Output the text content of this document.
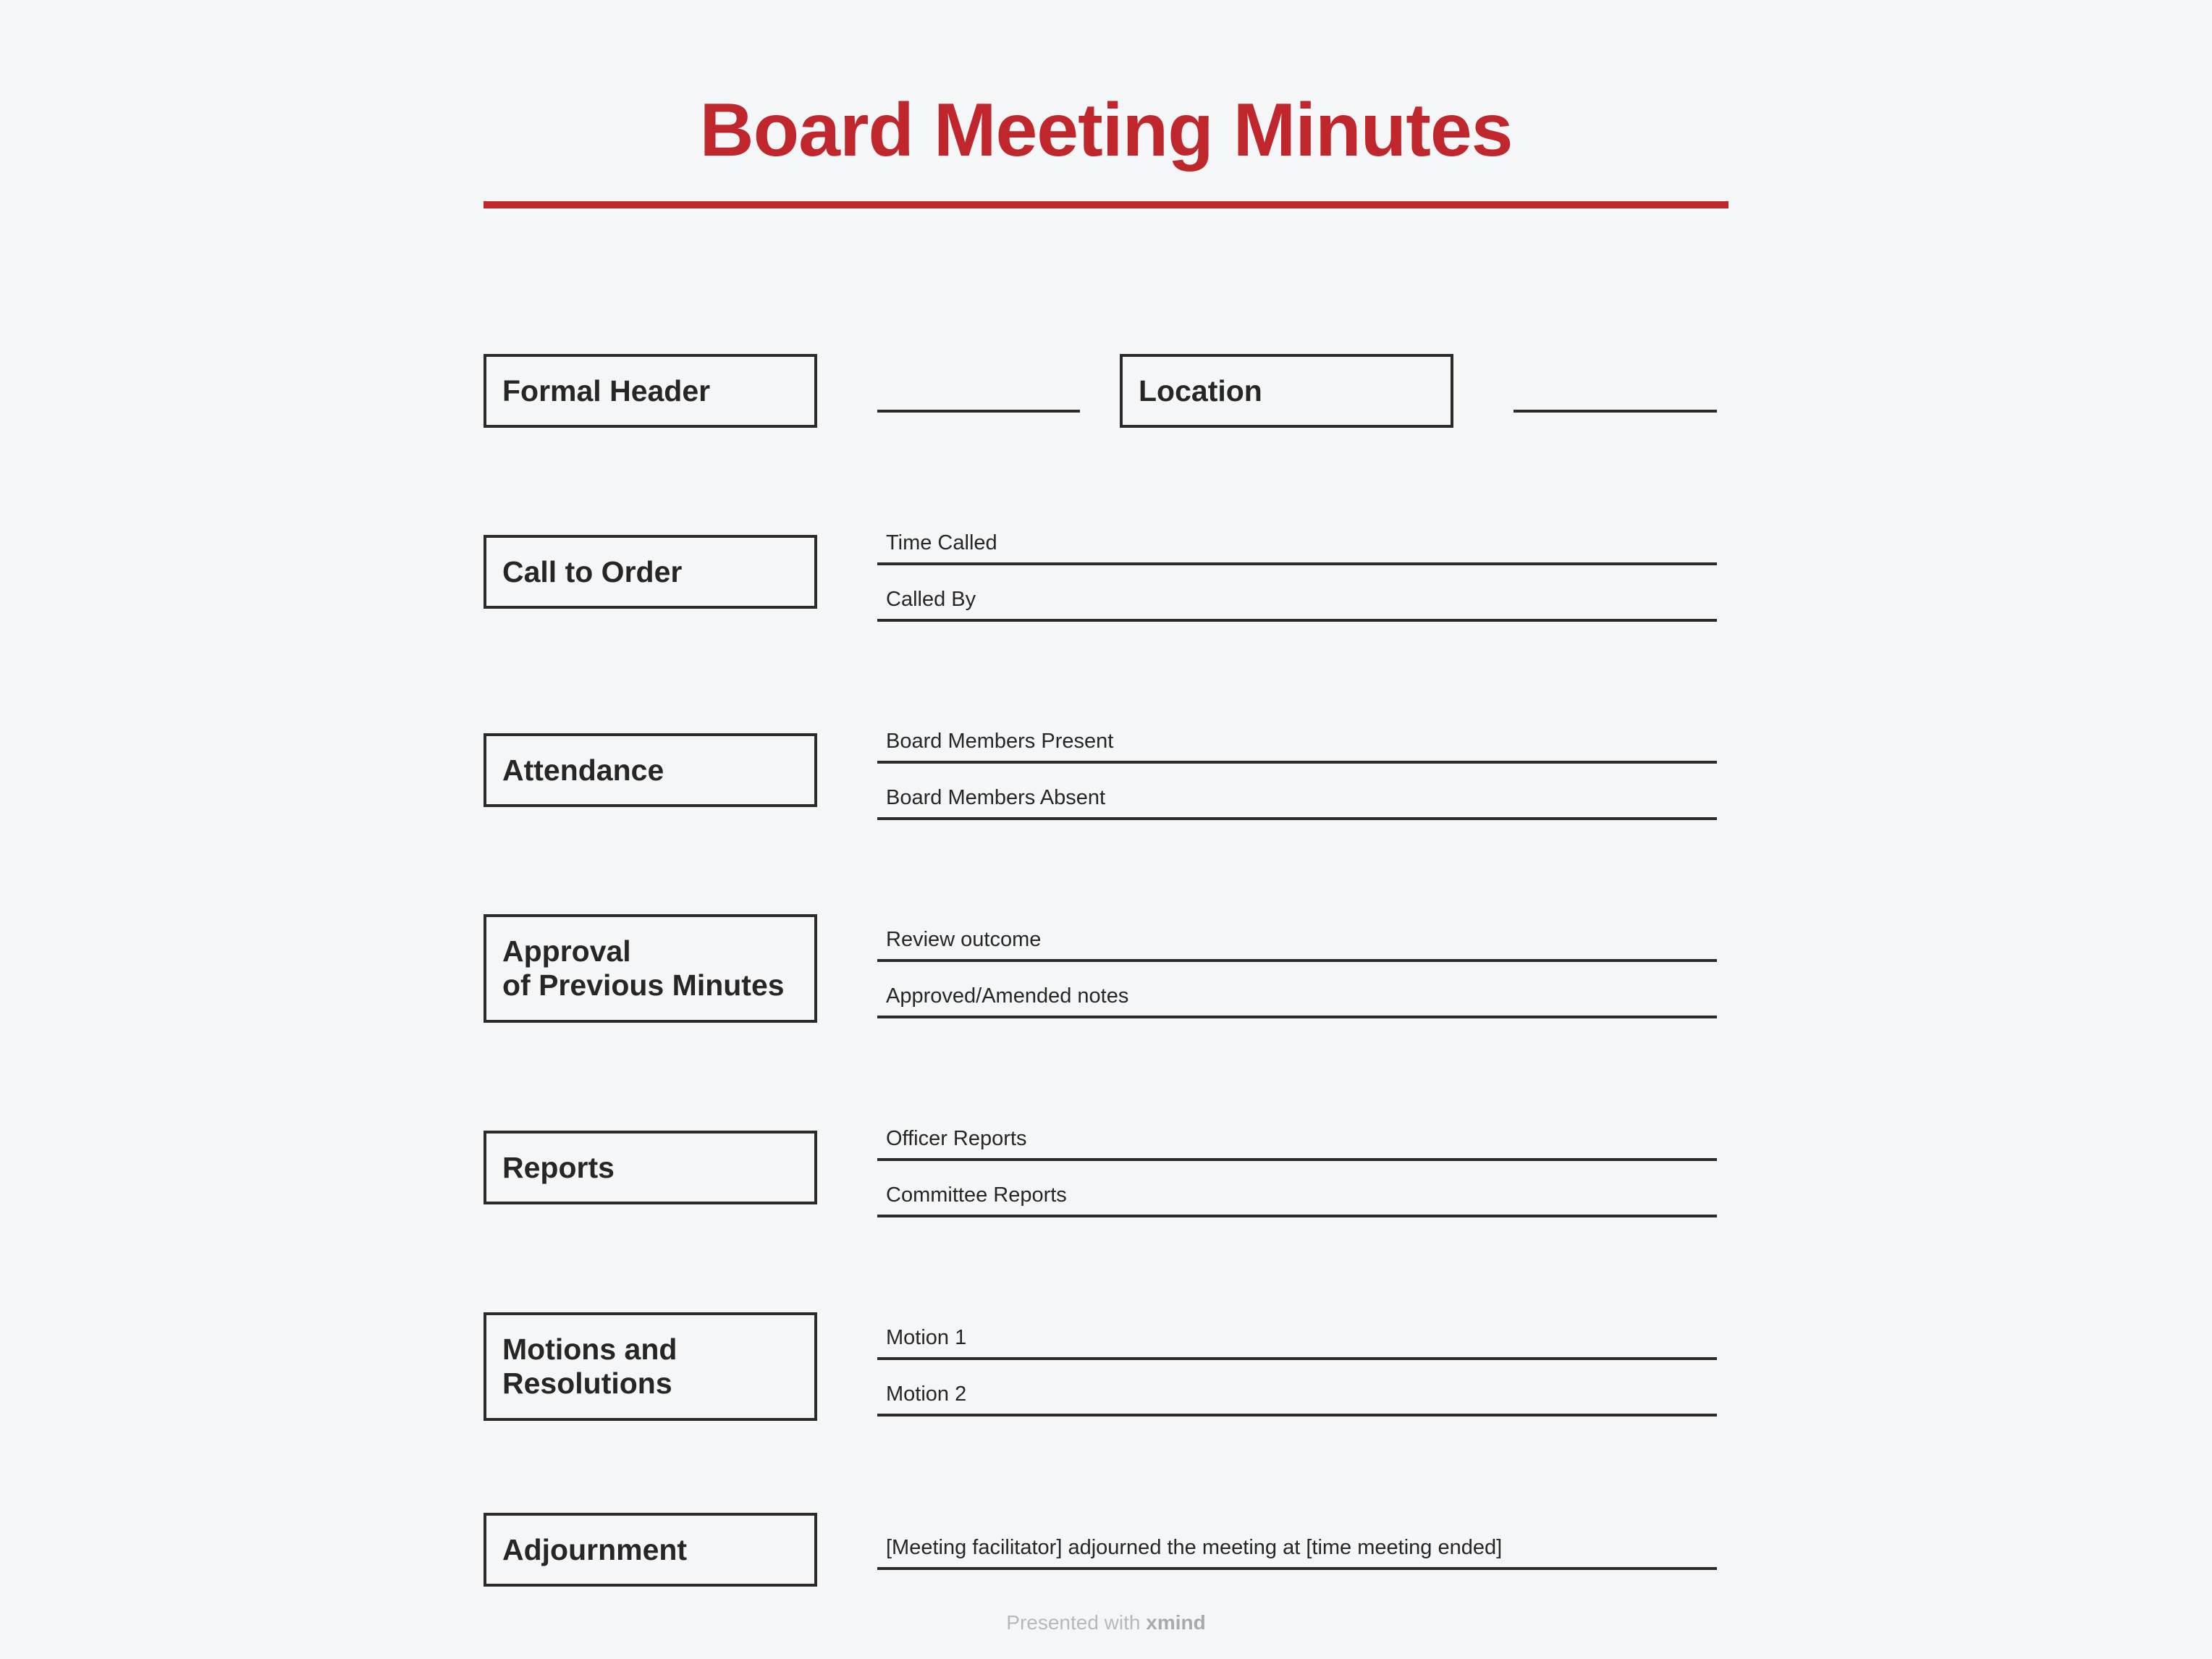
Board Meeting Minutes
Formal Header	Location
Call to Order
Time Called
Called By
Attendance
Board Members Present
Board Members Absent
Approval
of Previous Minutes
Review outcome
Approved/Amended notes
Reports
Officer Reports
Committee Reports
Motions and
Resolutions
Motion 1
Motion 2
Adjournment	[Meeting facilitator] adjourned the meeting at [time meeting ended]
Presented with xmind
